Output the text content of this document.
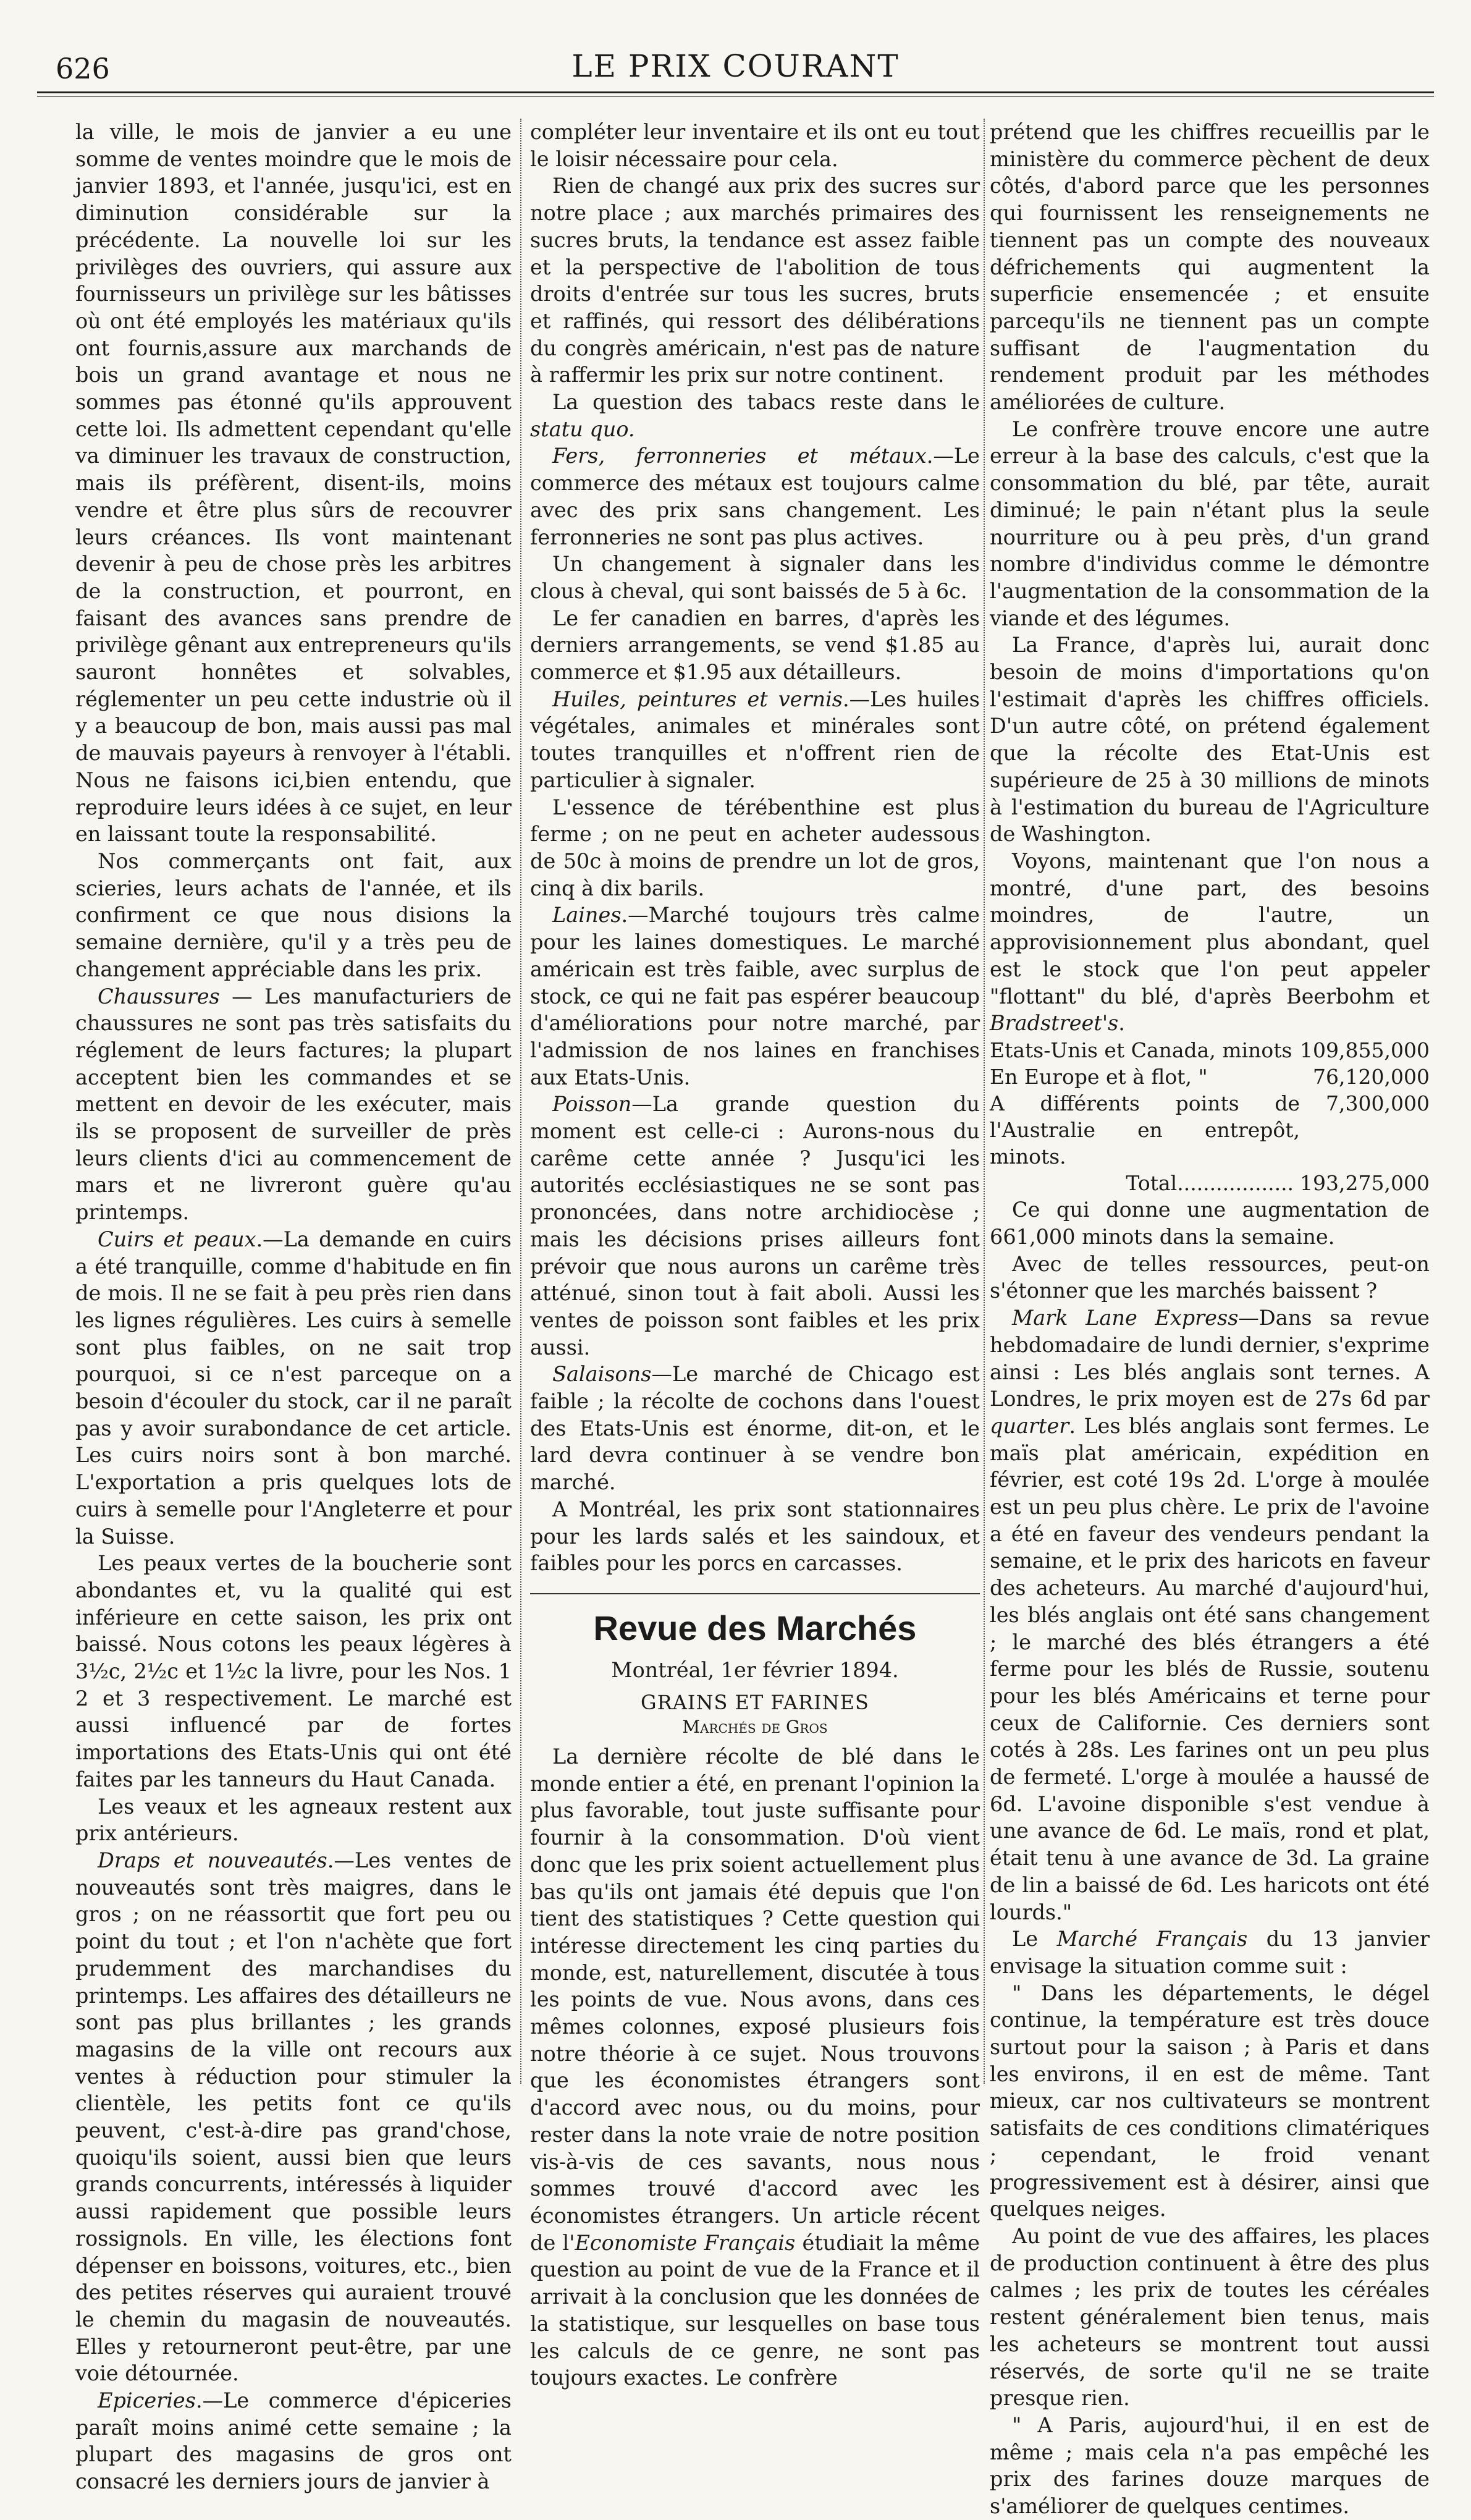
626	LE PRIX COURANT

la ville, le mois de janvier a eu une somme de ventes moindre que le mois de janvier 1893, et l'année, jusqu'ici, est en diminution considérable sur la précédente. La nouvelle loi sur les privilèges des ouvriers, qui assure aux fournisseurs un privilège sur les bâtisses où ont été employés les matériaux qu'ils ont fournis,assure aux marchands de bois un grand avantage et nous ne sommes pas étonné qu'ils approuvent cette loi. Ils admettent cependant qu'elle va diminuer les travaux de construction, mais ils préfèrent, disent-ils, moins vendre et être plus sûrs de recouvrer leurs créances. Ils vont maintenant devenir à peu de chose près les arbitres de la construction, et pourront, en faisant des avances sans prendre de privilège gênant aux entrepreneurs qu'ils sauront honnêtes et solvables, réglementer un peu cette industrie où il y a beaucoup de bon, mais aussi pas mal de mauvais payeurs à renvoyer à l'établi. Nous ne faisons ici,bien entendu, que reproduire leurs idées à ce sujet, en leur en laissant toute la responsabilité.

Nos commerçants ont fait, aux scieries, leurs achats de l'année, et ils confirment ce que nous disions la semaine dernière, qu'il y a très peu de changement appréciable dans les prix.

Chaussures — Les manufacturiers de chaussures ne sont pas très satisfaits du réglement de leurs factures; la plupart acceptent bien les commandes et se mettent en devoir de les exécuter, mais ils se proposent de surveiller de près leurs clients d'ici au commencement de mars et ne livreront guère qu'au printemps.

Cuirs et peaux.—La demande en cuirs a été tranquille, comme d'habitude en fin de mois. Il ne se fait à peu près rien dans les lignes régulières. Les cuirs à semelle sont plus faibles, on ne sait trop pourquoi, si ce n'est parceque on a besoin d'écouler du stock, car il ne paraît pas y avoir surabondance de cet article. Les cuirs noirs sont à bon marché. L'exportation a pris quelques lots de cuirs à semelle pour l'Angleterre et pour la Suisse.

Les peaux vertes de la boucherie sont abondantes et, vu la qualité qui est inférieure en cette saison, les prix ont baissé. Nous cotons les peaux légères à 3½c, 2½c et 1½c la livre, pour les Nos. 1 2 et 3 respectivement. Le marché est aussi influencé par de fortes importations des Etats-Unis qui ont été faites par les tanneurs du Haut Canada.

Les veaux et les agneaux restent aux prix antérieurs.

Draps et nouveautés.—Les ventes de nouveautés sont très maigres, dans le gros ; on ne réassortit que fort peu ou point du tout ; et l'on n'achète que fort prudemment des marchandises du printemps. Les affaires des détailleurs ne sont pas plus brillantes ; les grands magasins de la ville ont recours aux ventes à réduction pour stimuler la clientèle, les petits font ce qu'ils peuvent, c'est-à-dire pas grand'chose, quoiqu'ils soient, aussi bien que leurs grands concurrents, intéressés à liquider aussi rapidement que possible leurs rossignols. En ville, les élections font dépenser en boissons, voitures, etc., bien des petites réserves qui auraient trouvé le chemin du magasin de nouveautés. Elles y retourneront peut-être, par une voie détournée.

Epiceries.—Le commerce d'épiceries paraît moins animé cette semaine ; la plupart des magasins de gros ont consacré les derniers jours de janvier à

compléter leur inventaire et ils ont eu tout le loisir nécessaire pour cela.

Rien de changé aux prix des sucres sur notre place ; aux marchés primaires des sucres bruts, la tendance est assez faible et la perspective de l'abolition de tous droits d'entrée sur tous les sucres, bruts et raffinés, qui ressort des délibérations du congrès américain, n'est pas de nature à raffermir les prix sur notre continent.

La question des tabacs reste dans le statu quo.

Fers, ferronneries et métaux.—Le commerce des métaux est toujours calme avec des prix sans changement. Les ferronneries ne sont pas plus actives.

Un changement à signaler dans les clous à cheval, qui sont baissés de 5 à 6c.

Le fer canadien en barres, d'après les derniers arrangements, se vend $1.85 au commerce et $1.95 aux détailleurs.

Huiles, peintures et vernis.—Les huiles végétales, animales et minérales sont toutes tranquilles et n'offrent rien de particulier à signaler.

L'essence de térébenthine est plus ferme ; on ne peut en acheter audessous de 50c à moins de prendre un lot de gros, cinq à dix barils.

Laines.—Marché toujours très calme pour les laines domestiques. Le marché américain est très faible, avec surplus de stock, ce qui ne fait pas espérer beaucoup d'améliorations pour notre marché, par l'admission de nos laines en franchises aux Etats-Unis.

Poisson—La grande question du moment est celle-ci : Aurons-nous du carême cette année ? Jusqu'ici les autorités ecclésiastiques ne se sont pas prononcées, dans notre archidiocèse ; mais les décisions prises ailleurs font prévoir que nous aurons un carême très atténué, sinon tout à fait aboli. Aussi les ventes de poisson sont faibles et les prix aussi.

Salaisons—Le marché de Chicago est faible ; la récolte de cochons dans l'ouest des Etats-Unis est énorme, dit-on, et le lard devra continuer à se vendre bon marché.

A Montréal, les prix sont stationnaires pour les lards salés et les saindoux, et faibles pour les porcs en carcasses.

Revue des Marchés

Montréal, 1er février 1894.

GRAINS ET FARINES

Marchés de Gros

La dernière récolte de blé dans le monde entier a été, en prenant l'opinion la plus favorable, tout juste suffisante pour fournir à la consommation. D'où vient donc que les prix soient actuellement plus bas qu'ils ont jamais été depuis que l'on tient des statistiques ? Cette question qui intéresse directement les cinq parties du monde, est, naturellement, discutée à tous les points de vue. Nous avons, dans ces mêmes colonnes, exposé plusieurs fois notre théorie à ce sujet. Nous trouvons que les économistes étrangers sont d'accord avec nous, ou du moins, pour rester dans la note vraie de notre position vis-à-vis de ces savants, nous nous sommes trouvé d'accord avec les économistes étrangers. Un article récent de l'Economiste Français étudiait la même question au point de vue de la France et il arrivait à la conclusion que les données de la statistique, sur lesquelles on base tous les calculs de ce genre, ne sont pas toujours exactes. Le confrère

prétend que les chiffres recueillis par le ministère du commerce pèchent de deux côtés, d'abord parce que les personnes qui fournissent les renseignements ne tiennent pas un compte des nouveaux défrichements qui augmentent la superficie ensemencée ; et ensuite parcequ'ils ne tiennent pas un compte suffisant de l'augmentation du rendement produit par les méthodes améliorées de culture.

Le confrère trouve encore une autre erreur à la base des calculs, c'est que la consommation du blé, par tête, aurait diminué; le pain n'étant plus la seule nourriture ou à peu près, d'un grand nombre d'individus comme le démontre l'augmentation de la consommation de la viande et des légumes.

La France, d'après lui, aurait donc besoin de moins d'importations qu'on l'estimait d'après les chiffres officiels. D'un autre côté, on prétend également que la récolte des Etat-Unis est supérieure de 25 à 30 millions de minots à l'estimation du bureau de l'Agriculture de Washington.

Voyons, maintenant que l'on nous a montré, d'une part, des besoins moindres, de l'autre, un approvisionnement plus abondant, quel est le stock que l'on peut appeler "flottant" du blé, d'après Beerbohm et Bradstreet's.

Etats-Unis et Canada, minots	109,855,000
En Europe et à flot, "	76,120,000
A différents points de l'Australie en entrepôt, minots.	7,300,000
Total..................	193,275,000

Ce qui donne une augmentation de 661,000 minots dans la semaine.

Avec de telles ressources, peut-on s'étonner que les marchés baissent ?

Mark Lane Express—Dans sa revue hebdomadaire de lundi dernier, s'exprime ainsi : Les blés anglais sont ternes. A Londres, le prix moyen est de 27s 6d par quarter. Les blés anglais sont fermes. Le maïs plat américain, expédition en février, est coté 19s 2d. L'orge à moulée est un peu plus chère. Le prix de l'avoine a été en faveur des vendeurs pendant la semaine, et le prix des haricots en faveur des acheteurs. Au marché d'aujourd'hui, les blés anglais ont été sans changement ; le marché des blés étrangers a été ferme pour les blés de Russie, soutenu pour les blés Américains et terne pour ceux de Californie. Ces derniers sont cotés à 28s. Les farines ont un peu plus de fermeté. L'orge à moulée a haussé de 6d. L'avoine disponible s'est vendue à une avance de 6d. Le maïs, rond et plat, était tenu à une avance de 3d. La graine de lin a baissé de 6d. Les haricots ont été lourds."

Le Marché Français du 13 janvier envisage la situation comme suit :

" Dans les départements, le dégel continue, la température est très douce surtout pour la saison ; à Paris et dans les environs, il en est de même. Tant mieux, car nos cultivateurs se montrent satisfaits de ces conditions climatériques ; cependant, le froid venant progressivement est à désirer, ainsi que quelques neiges.

Au point de vue des affaires, les places de production continuent à être des plus calmes ; les prix de toutes les céréales restent généralement bien tenus, mais les acheteurs se montrent tout aussi réservés, de sorte qu'il ne se traite presque rien.

" A Paris, aujourd'hui, il en est de même ; mais cela n'a pas empêché les prix des farines douze marques de s'améliorer de quelques centimes.
